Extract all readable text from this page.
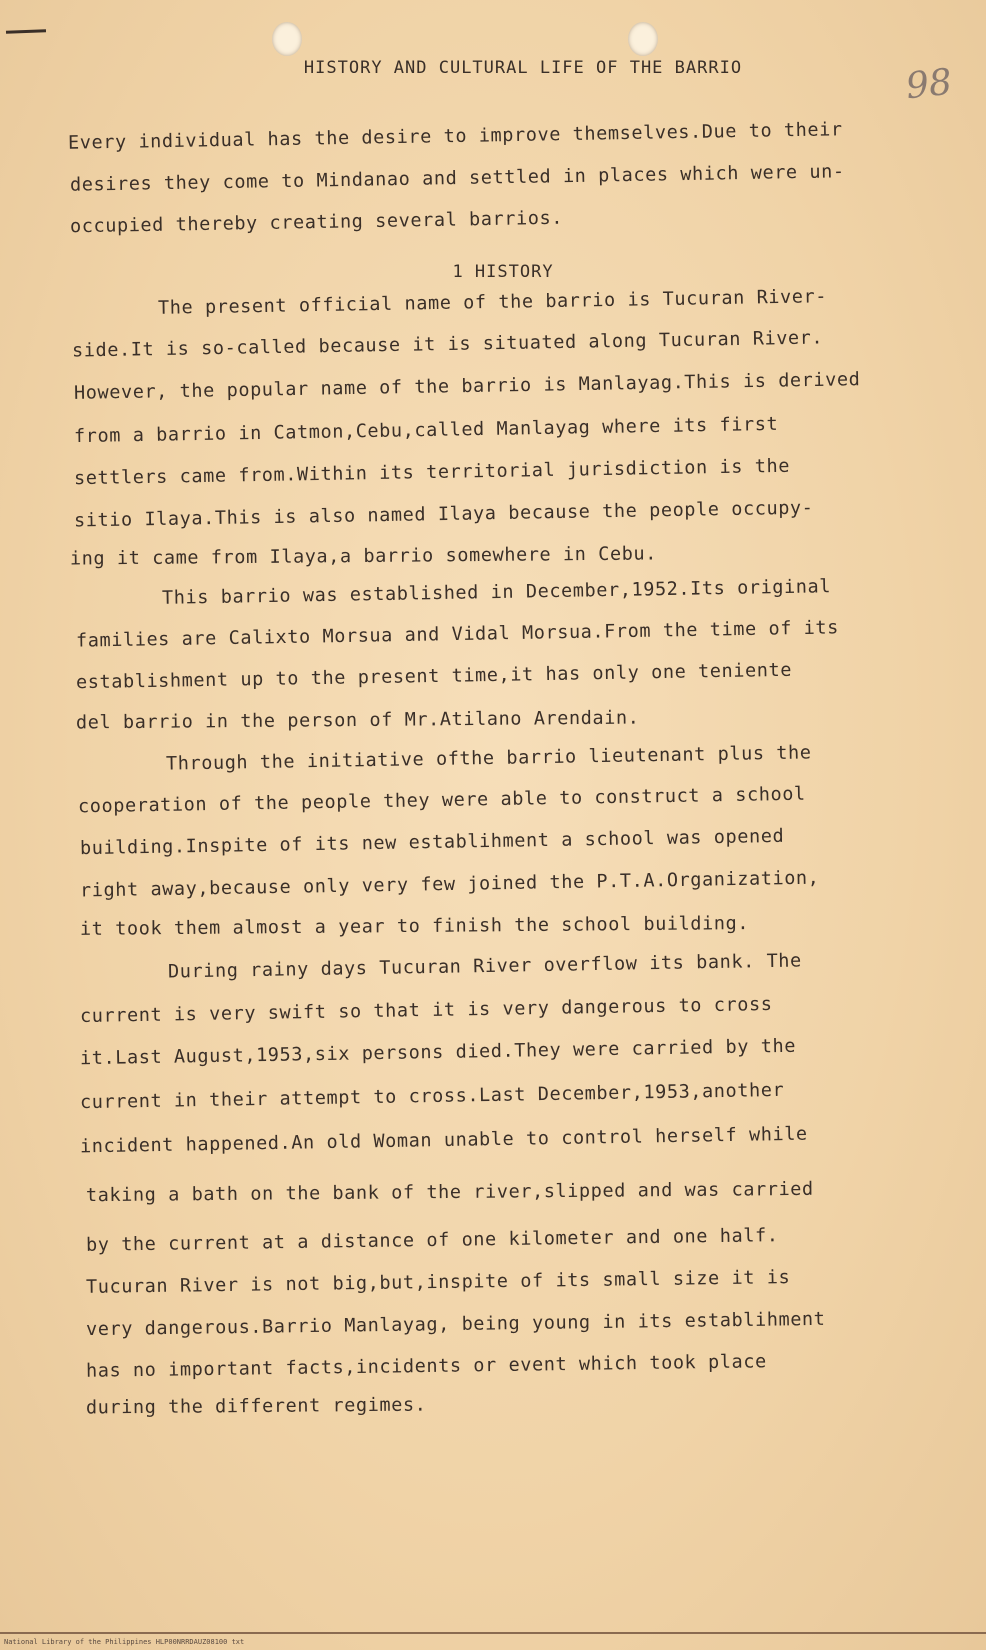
98
HISTORY AND CULTURAL LIFE OF THE BARRIO
1 HISTORY
Every individual has the desire to improve themselves.Due to their
desires they come to Mindanao and settled in places which were un-
occupied thereby creating several barrios.
The present official name of the barrio is Tucuran River-
side.It is so-called because it is situated along Tucuran River.
However, the popular name of the barrio is Manlayag.This is derived
from a barrio in Catmon,Cebu,called Manlayag where its first
settlers came from.Within its territorial jurisdiction is the
sitio Ilaya.This is also named Ilaya because the people occupy-
ing it came from Ilaya,a barrio somewhere in Cebu.
This barrio was established in December,1952.Its original
families are Calixto Morsua and Vidal Morsua.From the time of its
establishment up to the present time,it has only one teniente
del barrio in the person of Mr.Atilano Arendain.
Through the initiative ofthe barrio lieutenant plus the
cooperation of the people they were able to construct a school
building.Inspite of its new establihment a school was opened
right away,because only very few joined the P.T.A.Organization,
it took them almost a year to finish the school building.
During rainy days Tucuran River overflow its bank. The
current is very swift so that it is very dangerous to cross
it.Last August,1953,six persons died.They were carried by the
current in their attempt to cross.Last December,1953,another
incident happened.An old Woman unable to control herself while
taking a bath on the bank of the river,slipped and was carried
by the current at a distance of one kilometer and one half.
Tucuran River is not big,but,inspite of its small size it is
very dangerous.Barrio Manlayag, being young in its establihment
has no important facts,incidents or event which took place
during the different regimes.
National Library of the Philippines HLP00NRRDAUZ08100 txt
